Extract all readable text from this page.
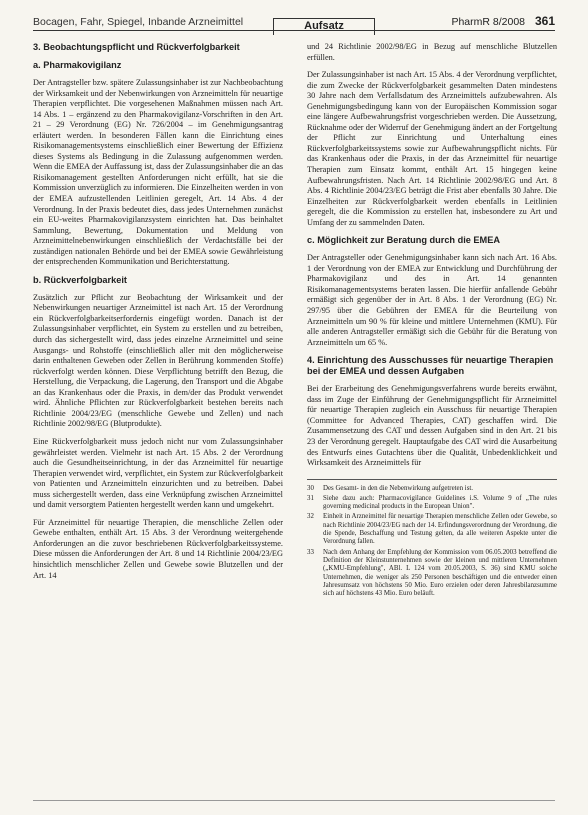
Bocagen, Fahr, Spiegel, Inbande Arzneimittel	Aufsatz	PharmR 8/2008 361
3. Beobachtungspflicht und Rückverfolgbarkeit
a. Pharmakovigilanz

Der Antragsteller bzw. spätere Zulassungsinhaber ist zur Nachbeobachtung der Wirksamkeit und der Nebenwirkungen von Arzneimitteln für neuartige Therapien verpflichtet. Die vorgesehenen Maßnahmen müssen nach Art. 14 Abs. 1 – ergänzend zu den Pharmakovigilanz-Vorschriften in den Art. 21 – 29 Verordnung (EG) Nr. 726/2004 – im Genehmigungsantrag erläutert werden. In besonderen Fällen kann die Einrichtung eines Risikomanagementsystems einschließlich einer Bewertung der Effizienz dieses Systems als Bedingung in die Zulassung aufgenommen werden. Wenn die EMEA der Auffassung ist, dass der Zulassungsinhaber die an das Risikomanagement gestellten Anforderungen nicht erfüllt, hat sie die Kommission unverzüglich zu informieren. Die Einzelheiten werden in von der EMEA aufzustellenden Leitlinien geregelt, Art. 14 Abs. 4 der Verordnung. In der Praxis bedeutet dies, dass jedes Unternehmen zunächst ein EU-weites Pharmakovigilanzsystem einrichten hat. Das beinhaltet Sammlung, Bewertung, Dokumentation und Meldung von Arzneimittelnebenwirkungen einschließlich der Verdachtsfälle bei der zuständigen nationalen Behörde und bei der EMEA sowie Gewährleistung der entsprechenden Kommunikation und Berichterstattung.

b. Rückverfolgbarkeit

Zusätzlich zur Pflicht zur Beobachtung der Wirksamkeit und der Nebenwirkungen neuartiger Arzneimittel ist nach Art. 15 der Verordnung ein Rückverfolgbarkeitserfordernis eingefügt worden. Danach ist der Zulassungsinhaber verpflichtet, ein System zu erstellen und zu betreiben, durch das sichergestellt wird, dass jedes einzelne Arzneimittel und seine Ausgangs- und Rohstoffe (einschließlich aller mit den möglicherweise darin enthaltenen Geweben oder Zellen in Berührung kommenden Stoffe) rückverfolgt werden können. Diese Verpflichtung betrifft den Bezug, die Herstellung, die Verpackung, die Lagerung, den Transport und die Abgabe an das Krankenhaus oder die Praxis, in dem/der das Produkt verwendet wird. Ähnliche Pflichten zur Rückverfolgbarkeit bestehen bereits nach Richtlinie 2004/23/EG (menschliche Gewebe und Zellen) und nach Richtlinie 2002/98/EG (Blutprodukte).

Eine Rückverfolgbarkeit muss jedoch nicht nur vom Zulassungsinhaber gewährleistet werden. Vielmehr ist nach Art. 15 Abs. 2 der Verordnung auch die Gesundheitseinrichtung, in der das Arzneimittel für neuartige Therapien verwendet wird, verpflichtet, ein System zur Rückverfolgbarkeit von Patienten und Arzneimitteln einzurichten und zu betreiben. Dabei muss sichergestellt werden, dass eine Verknüpfung zwischen Arzneimittel und damit versorgtem Patienten hergestellt werden kann und umgekehrt.

Für Arzneimittel für neuartige Therapien, die menschliche Zellen oder Gewebe enthalten, enthält Art. 15 Abs. 3 der Verordnung weitergehende Anforderungen an die zuvor beschriebenen Rückverfolgbarkeitssysteme. Diese müssen die Anforderungen der Art. 8 und 14 Richtlinie 2004/23/EG hinsichtlich menschlicher Zellen und Gewebe sowie Blutzellen und der Art. 14

und 24 Richtlinie 2002/98/EG in Bezug auf menschliche Blutzellen erfüllen.

Der Zulassungsinhaber ist nach Art. 15 Abs. 4 der Verordnung verpflichtet, die zum Zwecke der Rückverfolgbarkeit gesammelten Daten mindestens 30 Jahre nach dem Verfallsdatum des Arzneimittels aufzubewahren. Als Genehmigungsbedingung kann von der Europäischen Kommission sogar eine längere Aufbewahrungsfrist vorgeschrieben werden. Die Aussetzung, Rücknahme oder der Widerruf der Genehmigung ändert an der Fortgeltung der Pflicht zur Einrichtung und Unterhaltung eines Rückverfolgbarkeitssystems sowie zur Aufbewahrungspflicht nichts. Für das Krankenhaus oder die Praxis, in der das Arzneimittel für neuartige Therapien zum Einsatz kommt, enthält Art. 15 hingegen keine Aufbewahrungsfristen. Nach Art. 14 Richtlinie 2002/98/EG und Art. 8 Abs. 4 Richtlinie 2004/23/EG beträgt die Frist aber ebenfalls 30 Jahre. Die Einzelheiten zur Rückverfolgbarkeit werden ebenfalls in Leitlinien geregelt, die die Kommission zu erstellen hat, insbesondere zu Art und Umfang der zu sammelnden Daten.

c. Möglichkeit zur Beratung durch die EMEA

Der Antragsteller oder Genehmigungsinhaber kann sich nach Art. 16 Abs. 1 der Verordnung von der EMEA zur Entwicklung und Durchführung der Pharmakovigilanz und des in Art. 14 genannten Risikomanagementsystems beraten lassen. Die hierfür anfallende Gebühr ermäßigt sich gegenüber der in Art. 8 Abs. 1 der Verordnung (EG) Nr. 297/95 über die Gebühren der EMEA für die Beurteilung von Arzneimitteln um 90 % für kleine und mittlere Unternehmen (KMU). Für alle anderen Antragsteller ermäßigt sich die Gebühr für die Beratung von Arzneimitteln um 65 %.

4. Einrichtung des Ausschusses für neuartige Therapien bei der EMEA und dessen Aufgaben

Bei der Erarbeitung des Genehmigungsverfahrens wurde bereits erwähnt, dass im Zuge der Einführung der Genehmigungspflicht für Arzneimittel für neuartige Therapien zugleich ein Ausschuss für neuartige Therapien (Committee for Advanced Therapies, CAT) geschaffen wird. Die Zusammensetzung des CAT und dessen Aufgaben sind in den Art. 21 bis 23 der Verordnung geregelt. Hauptaufgabe des CAT wird die Ausarbeitung des Entwurfs eines Gutachtens über die Qualität, Unbedenklichkeit und Wirksamkeit des Arzneimittels für

30	Des Gesamt- in den die Nebenwirkung aufgetreten ist.
31	Siehe dazu auch: Pharmacovigilance Guidelines i.S. Volume 9 of „The rules governing medicinal products in the European Union".
32	Einheit in Arzneimittel für neuartige Therapien menschliche Zellen oder Gewebe, so nach Richtlinie 2004/23/EG nach der 14. Erfindungsverordnung der Verordnung, die die Spende, Beschaffung und Testung gelten, da alle weiteren Aspekte unter die Verordnung fallen.
33	Nach dem Anhang der Empfehlung der Kommission vom 06.05.2003 betreffend die Definition der Kleinstunternehmen sowie der kleinen und mittleren Unternehmen („KMU-Empfehlung", ABl. L 124 vom 20.05.2003, S. 36) sind KMU solche Unternehmen, die weniger als 250 Personen beschäftigen und die entweder einen Jahresumsatz von höchstens 50 Mio. Euro erzielen oder deren Jahresbilanzsumme sich auf höchstens 43 Mio. Euro beläuft.
